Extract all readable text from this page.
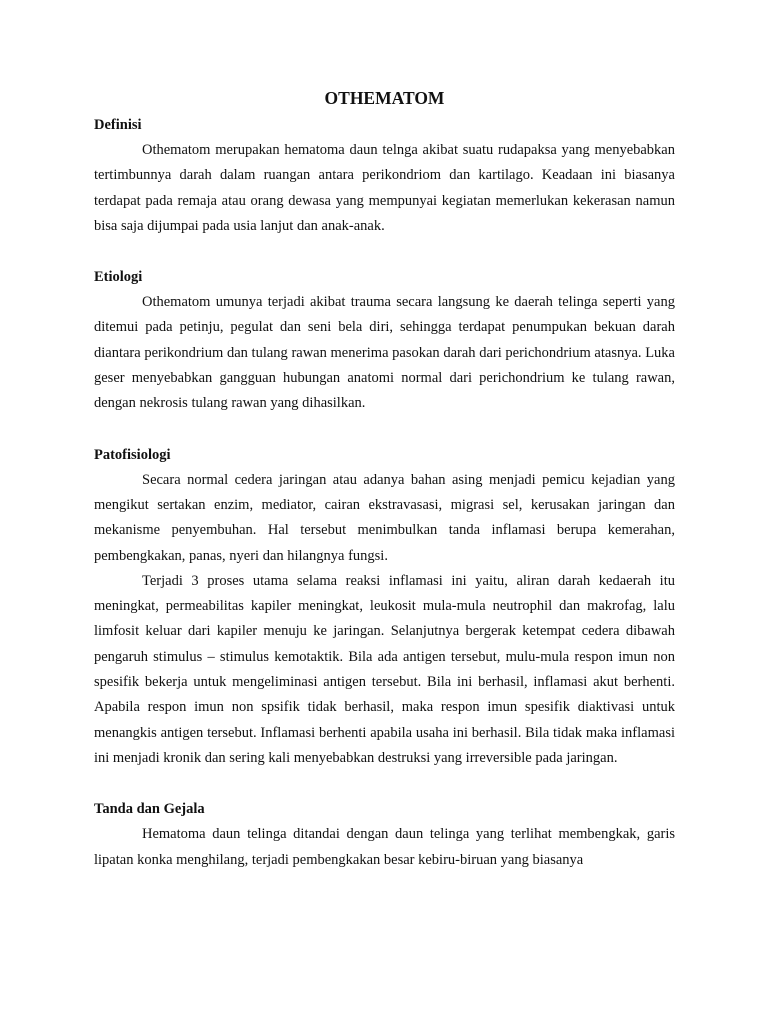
OTHEMATOM
Definisi

Othematom merupakan hematoma daun telnga akibat suatu rudapaksa yang menyebabkan tertimbunnya darah dalam ruangan antara perikondriom dan kartilago. Keadaan ini biasanya terdapat pada remaja atau orang dewasa yang mempunyai kegiatan memerlukan kekerasan namun bisa saja dijumpai pada usia lanjut dan anak-anak.

Etiologi

Othematom umunya terjadi akibat trauma secara langsung ke daerah telinga seperti yang ditemui pada petinju, pegulat dan seni bela diri, sehingga terdapat penumpukan bekuan darah diantara perikondrium dan tulang rawan menerima pasokan darah dari perichondrium atasnya. Luka geser menyebabkan gangguan hubungan anatomi normal dari perichondrium ke tulang rawan, dengan nekrosis tulang rawan yang dihasilkan.

Patofisiologi

Secara normal cedera jaringan atau adanya bahan asing menjadi pemicu kejadian yang mengikut sertakan enzim, mediator, cairan ekstravasasi, migrasi sel, kerusakan jaringan dan mekanisme penyembuhan. Hal tersebut menimbulkan tanda inflamasi berupa kemerahan, pembengkakan, panas, nyeri dan hilangnya fungsi.

Terjadi 3 proses utama selama reaksi inflamasi ini yaitu, aliran darah kedaerah itu meningkat, permeabilitas kapiler meningkat, leukosit mula-mula neutrophil dan makrofag, lalu limfosit keluar dari kapiler menuju ke jaringan. Selanjutnya bergerak ketempat cedera dibawah pengaruh stimulus – stimulus kemotaktik. Bila ada antigen tersebut, mulu-mula respon imun non spesifik bekerja untuk mengeliminasi antigen tersebut. Bila ini berhasil, inflamasi akut berhenti. Apabila respon imun non spsifik tidak berhasil, maka respon imun spesifik diaktivasi untuk menangkis antigen tersebut. Inflamasi berhenti apabila usaha ini berhasil. Bila tidak maka inflamasi ini menjadi kronik dan sering kali menyebabkan destruksi yang irreversible pada jaringan.

Tanda dan Gejala

Hematoma daun telinga ditandai dengan daun telinga yang terlihat membengkak, garis lipatan konka menghilang, terjadi pembengkakan besar kebiru-biruan yang biasanya
